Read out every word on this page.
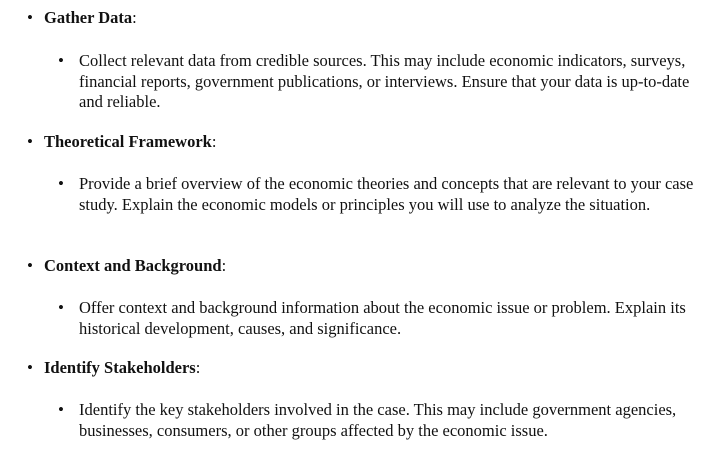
• Gather Data:
• Collect relevant data from credible sources. This may include economic indicators, surveys, financial reports, government publications, or interviews. Ensure that your data is up-to-date and reliable.
• Theoretical Framework:
• Provide a brief overview of the economic theories and concepts that are relevant to your case study. Explain the economic models or principles you will use to analyze the situation.
• Context and Background:
• Offer context and background information about the economic issue or problem. Explain its historical development, causes, and significance.
• Identify Stakeholders:
• Identify the key stakeholders involved in the case. This may include government agencies, businesses, consumers, or other groups affected by the economic issue.
